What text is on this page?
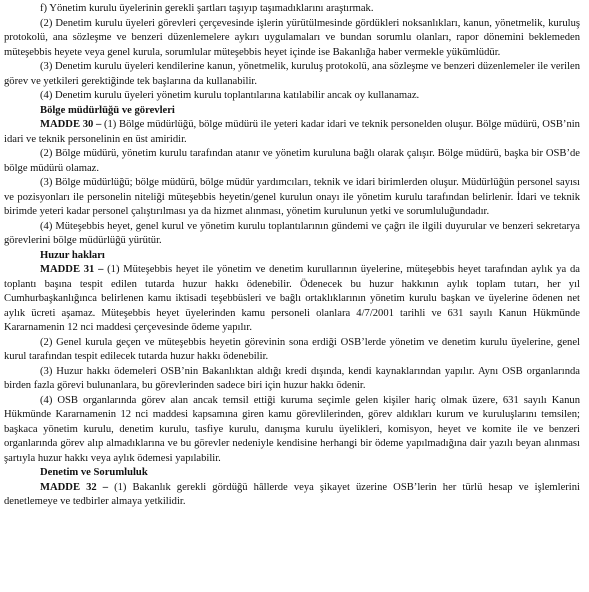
f) Yönetim kurulu üyelerinin gerekli şartları taşıyıp taşımadıklarını araştırmak.

(2) Denetim kurulu üyeleri görevleri çerçevesinde işlerin yürütülmesinde gördükleri noksanlıkları, kanun, yönetmelik, kuruluş protokolü, ana sözleşme ve benzeri düzenlemelere aykırı uygulamaları ve bundan sorumlu olanları, rapor dönemini beklemeden müteşebbis heyete veya genel kurula, sorumlular müteşebbis heyet içinde ise Bakanlığa haber vermekle yükümlüdür.

(3) Denetim kurulu üyeleri kendilerine kanun, yönetmelik, kuruluş protokolü, ana sözleşme ve benzeri düzenlemeler ile verilen görev ve yetkileri gerektiğinde tek başlarına da kullanabilir.

(4) Denetim kurulu üyeleri yönetim kurulu toplantılarına katılabilir ancak oy kullanamaz.

Bölge müdürlüğü ve görevleri

MADDE 30 – (1) Bölge müdürlüğü, bölge müdürü ile yeteri kadar idari ve teknik personelden oluşur. Bölge müdürü, OSB’nin idari ve teknik personelinin en üst amiridir.

(2) Bölge müdürü, yönetim kurulu tarafından atanır ve yönetim kuruluna bağlı olarak çalışır. Bölge müdürü, başka bir OSB’de bölge müdürü olamaz.

(3) Bölge müdürlüğü; bölge müdürü, bölge müdür yardımcıları, teknik ve idari birimlerden oluşur. Müdürlüğün personel sayısı ve pozisyonları ile personelin niteliği müteşebbis heyetin/genel kurulun onayı ile yönetim kurulu tarafından belirlenir. İdari ve teknik birimde yeteri kadar personel çalıştırılması ya da hizmet alınması, yönetim kurulunun yetki ve sorumluluğundadır.

(4) Müteşebbis heyet, genel kurul ve yönetim kurulu toplantılarının gündemi ve çağrı ile ilgili duyurular ve benzeri sekretarya görevlerini bölge müdürlüğü yürütür.

Huzur hakları

MADDE 31 – (1) Müteşebbis heyet ile yönetim ve denetim kurullarının üyelerine, müteşebbis heyet tarafından aylık ya da toplantı başına tespit edilen tutarda huzur hakkı ödenebilir. Ödenecek bu huzur hakkının aylık toplam tutarı, her yıl Cumhurbaşkanlığınca belirlenen kamu iktisadi teşebbüsleri ve bağlı ortaklıklarının yönetim kurulu başkan ve üyelerine ödenen net aylık ücreti aşamaz. Müteşebbis heyet üyelerinden kamu personeli olanlara 4/7/2001 tarihli ve 631 sayılı Kanun Hükmünde Kararnamenin 12 nci maddesi çerçevesinde ödeme yapılır.

(2) Genel kurula geçen ve müteşebbis heyetin görevinin sona erdiği OSB’lerde yönetim ve denetim kurulu üyelerine, genel kurul tarafından tespit edilecek tutarda huzur hakkı ödenebilir.

(3) Huzur hakkı ödemeleri OSB’nin Bakanlıktan aldığı kredi dışında, kendi kaynaklarından yapılır. Aynı OSB organlarında birden fazla görevi bulunanlara, bu görevlerinden sadece biri için huzur hakkı ödenir.

(4) OSB organlarında görev alan ancak temsil ettiği kuruma seçimle gelen kişiler hariç olmak üzere, 631 sayılı Kanun Hükmünde Kararnamenin 12 nci maddesi kapsamına giren kamu görevlilerinden, görev aldıkları kurum ve kuruluşlarını temsilen; başkaca yönetim kurulu, denetim kurulu, tasfiye kurulu, danışma kurulu üyelikleri, komisyon, heyet ve komite ile ve benzeri organlarında görev alıp almadıklarına ve bu görevler nedeniyle kendisine herhangi bir ödeme yapılmadığına dair yazılı beyan alınması şartıyla huzur hakkı veya aylık ödemesi yapılabilir.

Denetim ve Sorumluluk

MADDE 32 – (1) Bakanlık gerekli gördüğü hâllerde veya şikayet üzerine OSB’lerin her türlü hesap ve işlemlerini denetlemeye ve tedbirler almaya yetkilidir.
